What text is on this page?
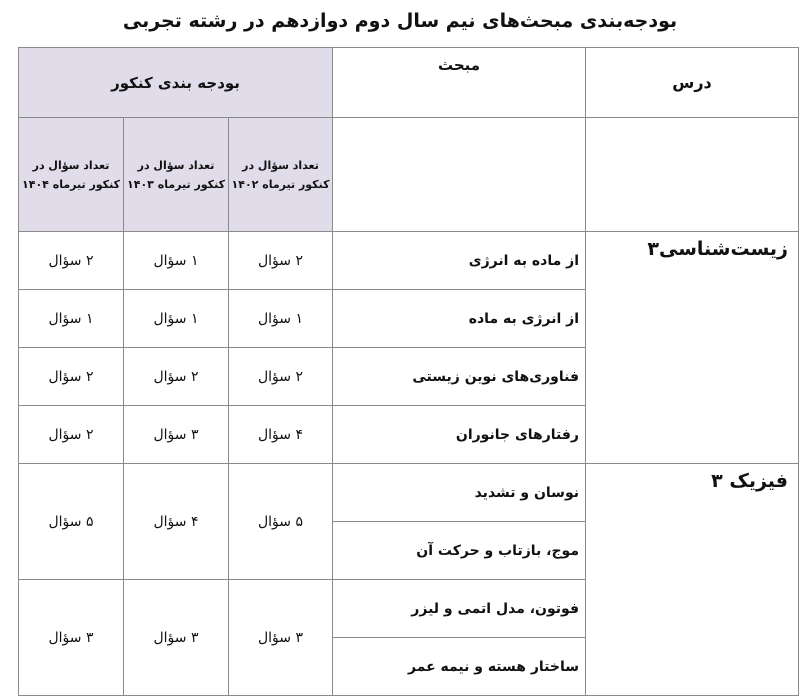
بودجه‌بندی مبحث‌های نیم سال دوم دوازدهم در رشته تجربی
درس	مبحث	بودجه بندی کنکور		
		تعداد سؤال در کنکور تیرماه ۱۴۰۲	تعداد سؤال در کنکور تیرماه ۱۴۰۳	تعداد سؤال در کنکور تیرماه ۱۴۰۴
زیست‌شناسی۳	از ماده به انرژی	۲ سؤال	۱ سؤال	۲ سؤال
	از انرژی به ماده	۱ سؤال	۱ سؤال	۱ سؤال
	فناوری‌های نوین زیستی	۲ سؤال	۲ سؤال	۲ سؤال
	رفتارهای جانوران	۴ سؤال	۳ سؤال	۲ سؤال
فیزیک ۳	نوسان و تشدید	۵ سؤال	۴ سؤال	۵ سؤال
	موج، بازتاب و حرکت آن			
	فوتون، مدل اتمی و لیزر	۳ سؤال	۳ سؤال	۳ سؤال
	ساختار هسته و نیمه عمر			
